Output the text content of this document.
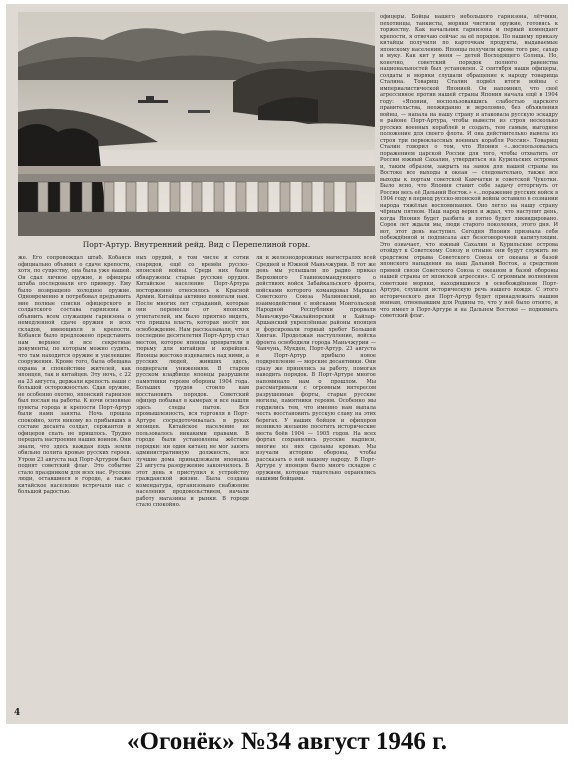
Порт-Артур. Внутренний рейд. Вид с Перепелиной горы.
офицеры. Бойцы нашего небольшого гарнизона, лётчики, пехотинцы, танкисты, моряки чистили оружие, готовясь к торжеству. Как начальник гарнизона и первый комендант крепости, я отвечаю сейчас за её порядок. По нашему приказу китайцы получили по карточкам продукты, выдаваемые японскому населению. Японцы получили кроме того рис, сахар и муку. Как кит у меня — детей Восходящего Солнца. Но, конечно, советский порядок полного равенства национальностей был установлен. 2 сентября наши офицеры, солдаты и моряки слушали обращение к народу товарища Сталина. Товарищ Сталин подвёл итоги войны с империалистической Японией. Он напомнил, что своё агрессивное против нашей страны Япония начала ещё в 1904 году: «Японии, воспользовавшись слабостью царского правительства, неожиданно и вероломно, без объявления войны, — напала на нашу страну и атаковала русскую эскадру в районе Порт-Артура, чтобы вывести из строя несколько русских военных кораблей и создать, тем самым, выгодное положение для своего флота. И она действительно вывела из строя три первоклассных военных корабля России». Товарищ Сталин говорил о том, что Япония «...воспользовалась поражением царской России для того, чтобы отхватить от России южный Сахалин, утвердиться на Курильских островах и, таким образом, закрыть на замок для нашей страны на Востоке все выходы в океан — следовательно, также все выходы к портам советской Камчатки и советской Чукотки. Было ясно, что Япония ставит себе задачу отторгнуть от России весь её Дальний Восток.» «...поражение русских войск в 1904 году в период русско-японской войны оставило в сознании народа тяжёлые воспоминания. Оно легло на нашу страну чёрным пятном. Наш народ верил и ждал, что наступит день, когда Япония будет разбита и пятно будет ликвидировано. Сорок лет ждали мы, люди старого поколения, этого дня. И вот, этот день наступил. Сегодня Япония признала себя побеждённой и подписала акт безоговорочной капитуляции. Это означает, что южный Сахалин и Курильские острова отойдут к Советскому Союзу и отныне они будут служить не средством отрыва Советского Союза от океана и базой японского нападения на наш Дальний Восток, а средством прямой связи Советского Союза с океаном и базой обороны нашей страны от японской агрессии». С огромным волнением советские моряки, находившиеся в освобождённом Порт-Артуре, слушали историческую речь нашего вождя. С этого исторического дня Порт-Артур будет принадлежать нашим воинам, отвоевавшим для Родины то, что у неё было отнято, и что имеет в Порт-Артуре и на Дальнем Востоке — поднимать советский флаг.
же. Его сопровождал штаб. Кобаяси официально объявил о сдаче крепости, хотя, по существу, она была уже нашей. Он сдал личное оружие, и офицеры штаба последовали его примеру. Ему было возвращено холодное оружие. Одновременно я потребовал предъявить мне полные списки офицерского и солдатского состава гарнизона и объявить всем служащим гарнизона о немедленной сдаче оружия и всех складов, имеющихся в крепости. Кобаяси было предложено представить нам верхнее и все секретные документы, по которым можно судить, что там находится оружие и уцелевшие сооружения. Кроме того, была обещана охрана и спокойствие жителей, как японцев, так и китайцев. Эту ночь, с 22 на 23 августа, держали крепость наши с большой осторожностью. Сдав оружие, не особенно охотно, японский гарнизон был послан на работы. К ночи основные пункты города и крепости Порт-Артур были нами заняты. Ночь прошла спокойно, хотя никому из прибывших в составе десанта солдат, сержантов и офицеров спать не пришлось. Трудно передать настроение наших воинов. Они знали, что здесь каждая пядь земли обильно полита кровью русских героев. Утром 23 августа над Порт-Артуром был поднят советский флаг. Это событие стало праздником для всех нас. Русские люди, оставшиеся в городе, а также китайское население встречали нас с большой радостью.
ных орудий, в том числе и сотни снарядов, ещё со времён русско-японской войны. Среди них были обнаружены старые русские орудия. Китайское население Порт-Артура восторженно относилось к Красной Армии. Китайцы активно помогали нам. После многих лет страданий, которые они перенесли от японских угнетателей, им было приятно видеть, что пришла власть, которая несёт им освобождение. Нам рассказывали, что в последние десятилетия Порт-Артур стал местом, которое японцы превратили в тюрьму для китайцев и корейцев. Японцы жестоко издевались над ними, а русских людей, живших здесь, подвергали унижениям. В старом русском кладбище японцы разрушили памятники героям обороны 1904 года. Больших трудов стоило нам восстановить порядок. Советский офицер побывал в камерах и все нашли здесь следы пыток. Вся промышленность, вся торговля в Порт-Артуре сосредоточивалась в руках японцев. Китайское население не пользовалось никакими правами. В городе были установлены жёсткие порядки: ни один китаец не мог занять административную должность, все лучшие дома принадлежали японцам. 23 августа разоружение закончилось. В этот день я приступил к устройству гражданской жизни. Была создана комендатура, организовано снабжение населения продовольствием, начали работу магазины и рынки. В городе стало спокойно.
ли и железнодорожных магистралях всей Средней и Южной Маньчжурии. В тот же день мы услышали по радио приказ Верховного Главнокомандующего о действиях войск Забайкальского фронта, войсками которого командовал Маршал Советского Союза Малиновский, во взаимодействии с войсками Монгольской Народной Республики прорвали Маньчжуро-Чжалайнорский и Хайлар-Аршанский укреплённые районы японцев и форсировали горный хребет Большой Хинган. Продолжая наступление, войска фронта освободили города Маньчжурии — Чанчунь, Мукден, Порт-Артур. 23 августа в Порт-Артур прибыло новое подкрепление — морские десантники. Они сразу же принялись за работу, помогая наводить порядок. В Порт-Артуре многое напоминало нам о прошлом. Мы рассматривали с огромным интересом разрушенные форты, старые русские могилы, памятники героям. Особенно мы гордились тем, что именно нам выпала честь восстановить русскую славу на этих берегах. У наших бойцов и офицеров возникло желание посетить исторические места боёв 1904 — 1905 годов. На всех фортах сохранились русские надписи, многие из них сделаны кровью. Мы изучали историю обороны, чтобы рассказать о ней нашему народу. В Порт-Артуре у японцев было много складов с оружием, которые тщательно охранялись нашими бойцами.
4
«Огонёк» №34 август 1946 г.
